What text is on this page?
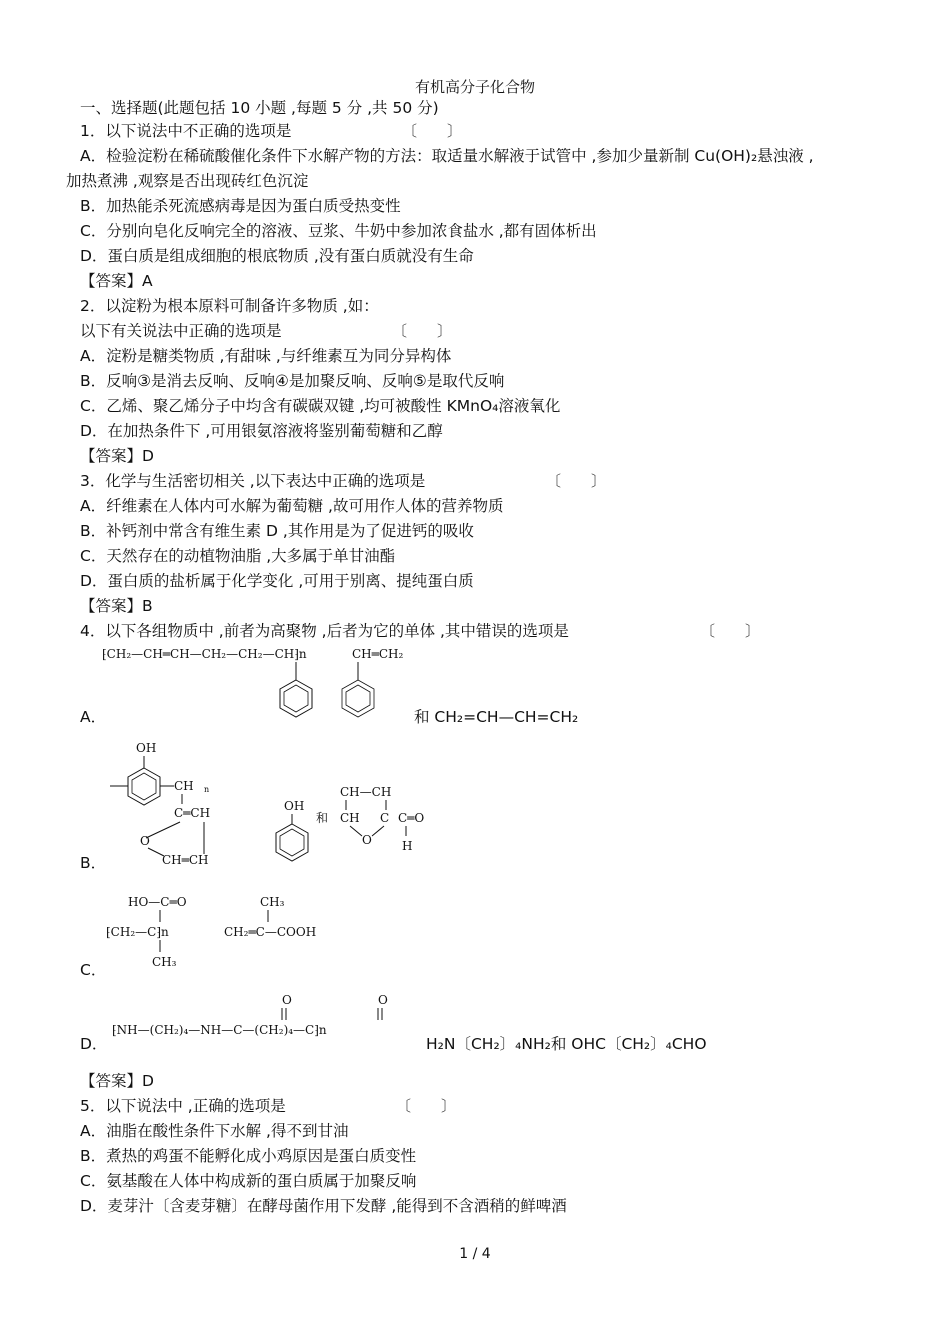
有机高分子化合物
一、选择题(此题包括 10 小题 ,每题 5 分 ,共 50 分)
1．以下说法中不正确的选项是	〔　　〕
A．检验淀粉在稀硫酸催化条件下水解产物的方法：取适量水解液于试管中 ,参加少量新制 Cu(OH)₂悬浊液 ,
加热煮沸 ,观察是否出现砖红色沉淀
B．加热能杀死流感病毒是因为蛋白质受热变性
C．分别向皂化反响完全的溶液、豆浆、牛奶中参加浓食盐水 ,都有固体析出
D．蛋白质是组成细胞的根底物质 ,没有蛋白质就没有生命
【答案】A
2．以淀粉为根本原料可制备许多物质 ,如：
以下有关说法中正确的选项是	〔　　〕
A．淀粉是糖类物质 ,有甜味 ,与纤维素互为同分异构体
B．反响③是消去反响、反响④是加聚反响、反响⑤是取代反响
C．乙烯、聚乙烯分子中均含有碳碳双键 ,均可被酸性 KMnO₄溶液氧化
D．在加热条件下 ,可用银氨溶液将鉴别葡萄糖和乙醇
【答案】D
3．化学与生活密切相关 ,以下表达中正确的选项是	〔　　〕
A．纤维素在人体内可水解为葡萄糖 ,故可用作人体的营养物质
B．补钙剂中常含有维生素 D ,其作用是为了促进钙的吸收
C．天然存在的动植物油脂 ,大多属于单甘油酯
D．蛋白质的盐析属于化学变化 ,可用于别离、提纯蛋白质
【答案】B
4．以下各组物质中 ,前者为高聚物 ,后者为它的单体 ,其中错误的选项是	〔　　〕
⁅CH₂—CH═CH—CH₂—CH₂—CH⁆n	CH═CH₂
A．	和 CH₂=CH—CH=CH₂
OH
CH n
C═CH
O
CH═CH
OH
和
CH—CH
CH C C═O
O	H
B．
HO—C═O
⁅CH₂—C⁆n
CH₃
CH₃
CH₂═C—COOH
C．
O	O
⁅NH—(CH₂)₄—NH—C—(CH₂)₄—C⁆n
D．	H₂N〔CH₂〕₄NH₂和 OHC〔CH₂〕₄CHO
【答案】D
5．以下说法中 ,正确的选项是	〔　　〕
A．油脂在酸性条件下水解 ,得不到甘油
B．煮热的鸡蛋不能孵化成小鸡原因是蛋白质变性
C．氨基酸在人体中构成新的蛋白质属于加聚反响
D．麦芽汁〔含麦芽糖〕在酵母菌作用下发酵 ,能得到不含酒稍的鲜啤酒
1 / 4
